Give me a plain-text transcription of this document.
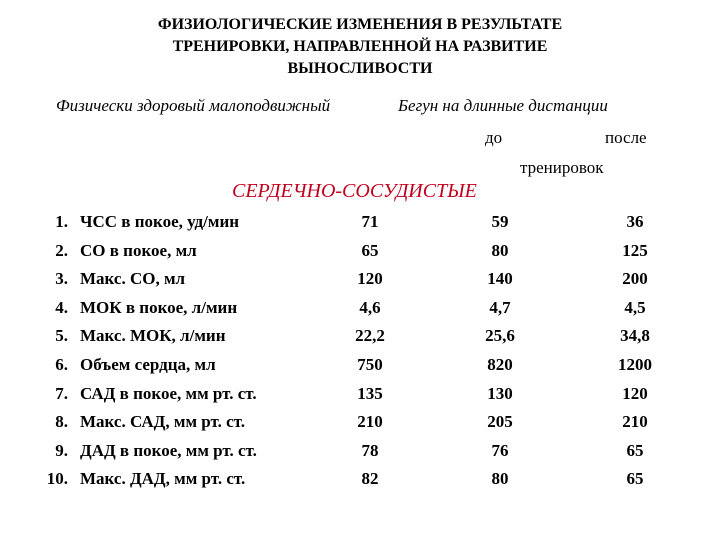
ФИЗИОЛОГИЧЕСКИЕ ИЗМЕНЕНИЯ В РЕЗУЛЬТАТЕ
ТРЕНИРОВКИ, НАПРАВЛЕННОЙ НА РАЗВИТИЕ
ВЫНОСЛИВОСТИ
Физически здоровый малоподвижный	Бегун на длинные дистанции
до	после
тренировок
СЕРДЕЧНО-СОСУДИСТЫЕ
1. ЧСС в покое, уд/мин	71	59	36
2. СО в покое, мл	65	80	125
3. Макс. СО, мл	120	140	200
4. МОК в покое, л/мин	4,6	4,7	4,5
5. Макс. МОК, л/мин	22,2	25,6	34,8
6. Объем сердца, мл	750	820	1200
7. САД в покое, мм рт. ст.	135	130	120
8. Макс. САД, мм рт. ст.	210	205	210
9. ДАД в покое, мм рт. ст.	78	76	65
10. Макс. ДАД, мм рт. ст.	82	80	65
